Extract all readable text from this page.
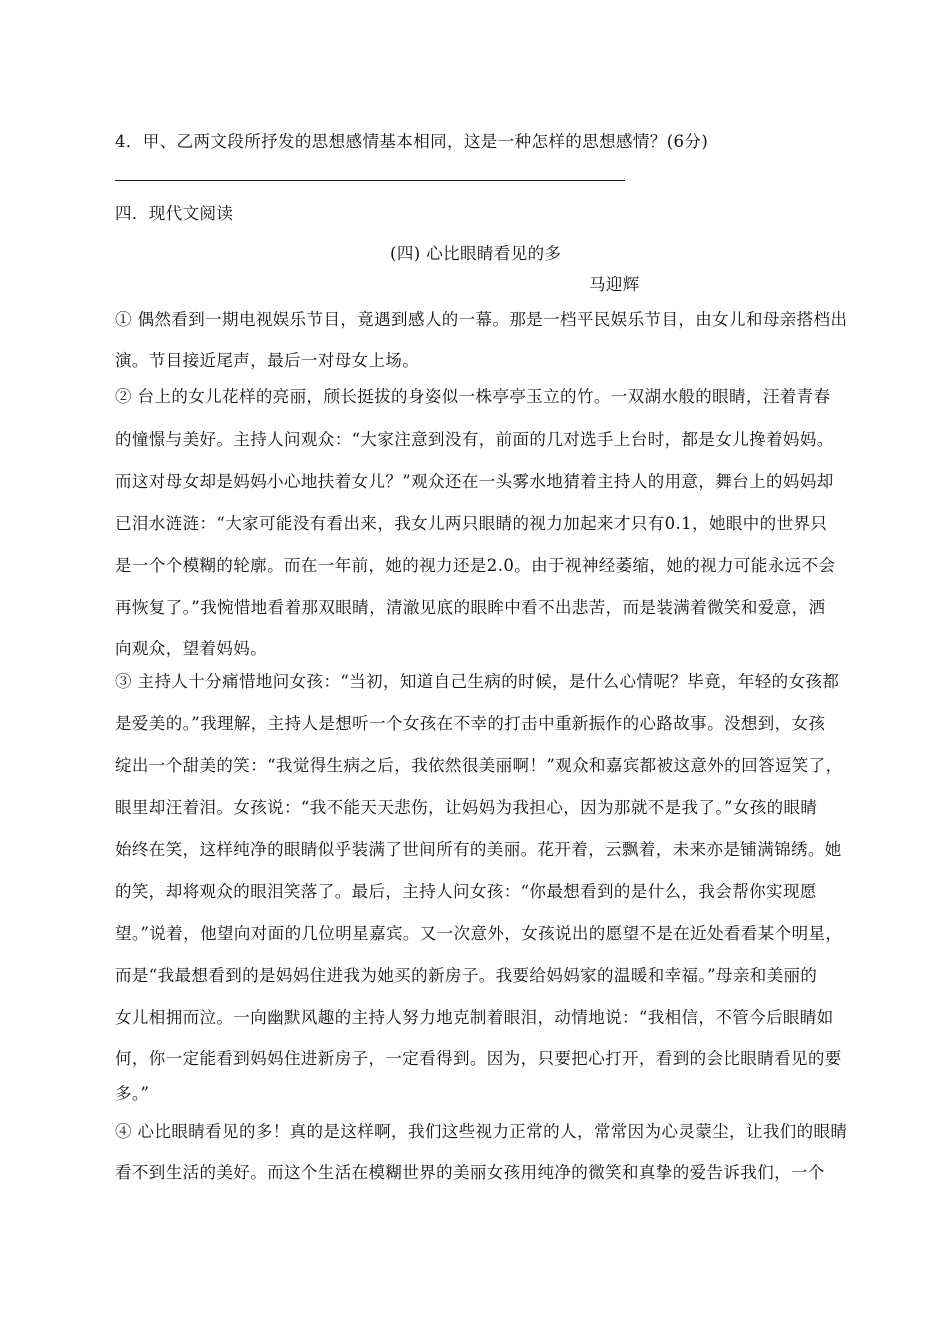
4．甲、乙两文段所抒发的思想感情基本相同，这是一种怎样的思想感情？(6分)
四．现代文阅读
(四) 心比眼睛看见的多
马迎辉
① 偶然看到一期电视娱乐节目，竟遇到感人的一幕。那是一档平民娱乐节目，由女儿和母亲搭档出
演。节目接近尾声，最后一对母女上场。
② 台上的女儿花样的亮丽，颀长挺拔的身姿似一株亭亭玉立的竹。一双湖水般的眼睛，汪着青春
的憧憬与美好。主持人问观众：“大家注意到没有，前面的几对选手上台时，都是女儿搀着妈妈。
而这对母女却是妈妈小心地扶着女儿？”观众还在一头雾水地猜着主持人的用意，舞台上的妈妈却
已泪水涟涟：“大家可能没有看出来，我女儿两只眼睛的视力加起来才只有0.1，她眼中的世界只
是一个个模糊的轮廓。而在一年前，她的视力还是2.0。由于视神经萎缩，她的视力可能永远不会
再恢复了。”我惋惜地看着那双眼睛，清澈见底的眼眸中看不出悲苦，而是装满着微笑和爱意，洒
向观众，望着妈妈。
③ 主持人十分痛惜地问女孩：“当初，知道自己生病的时候，是什么心情呢？毕竟，年轻的女孩都
是爱美的。”我理解，主持人是想听一个女孩在不幸的打击中重新振作的心路故事。没想到，女孩
绽出一个甜美的笑：“我觉得生病之后，我依然很美丽啊！”观众和嘉宾都被这意外的回答逗笑了，
眼里却汪着泪。女孩说：“我不能天天悲伤，让妈妈为我担心，因为那就不是我了。”女孩的眼睛
始终在笑，这样纯净的眼睛似乎装满了世间所有的美丽。花开着，云飘着，未来亦是铺满锦绣。她
的笑，却将观众的眼泪笑落了。最后，主持人问女孩：“你最想看到的是什么，我会帮你实现愿
望。”说着，他望向对面的几位明星嘉宾。又一次意外，女孩说出的愿望不是在近处看看某个明星，
而是“我最想看到的是妈妈住进我为她买的新房子。我要给妈妈家的温暖和幸福。”母亲和美丽的
女儿相拥而泣。一向幽默风趣的主持人努力地克制着眼泪，动情地说：“我相信，不管今后眼睛如
何，你一定能看到妈妈住进新房子，一定看得到。因为，只要把心打开，看到的会比眼睛看见的要
多。”
④ 心比眼睛看见的多！真的是这样啊，我们这些视力正常的人，常常因为心灵蒙尘，让我们的眼睛
看不到生活的美好。而这个生活在模糊世界的美丽女孩用纯净的微笑和真挚的爱告诉我们，一个
